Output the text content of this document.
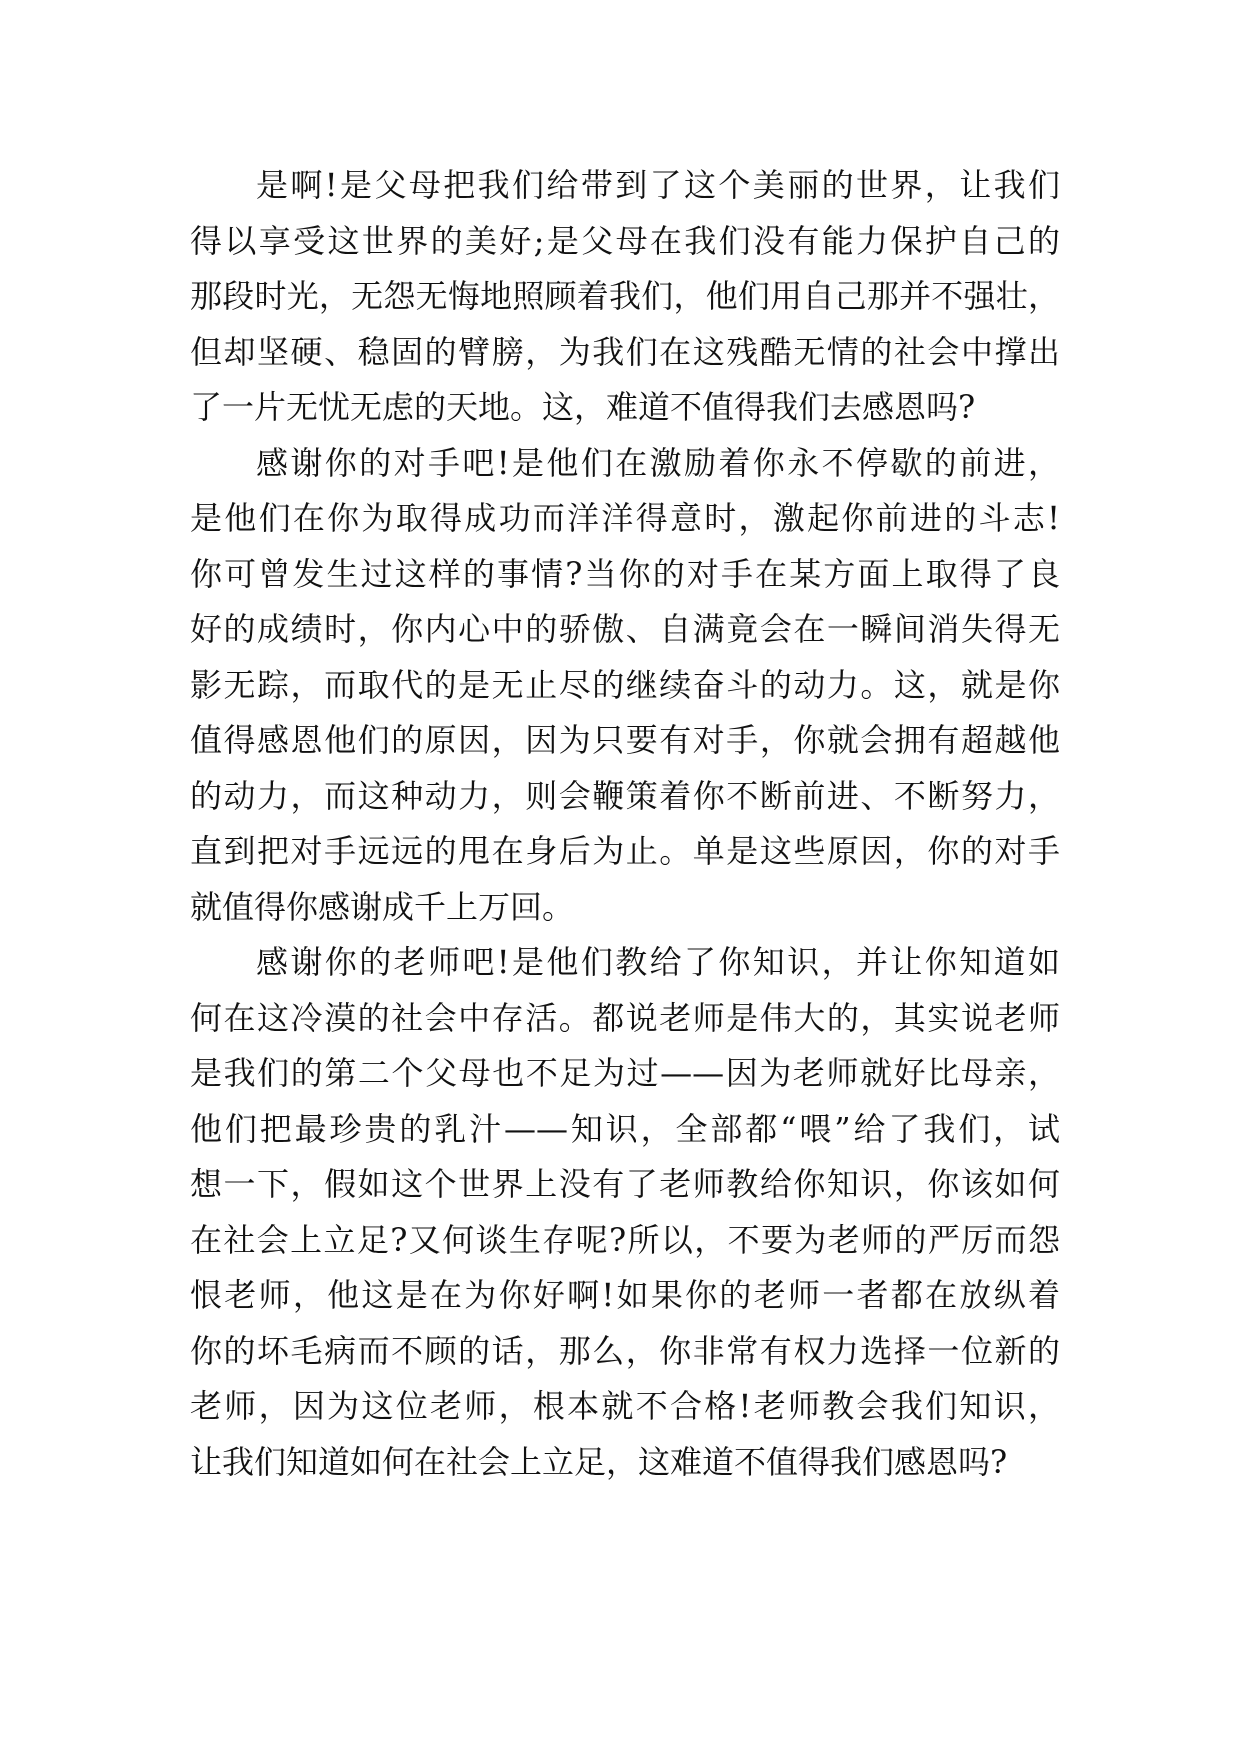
是啊!是父母把我们给带到了这个美丽的世界，让我们
得以享受这世界的美好;是父母在我们没有能力保护自己的
那段时光，无怨无悔地照顾着我们，他们用自己那并不强壮，
但却坚硬、稳固的臂膀，为我们在这残酷无情的社会中撑出
了一片无忧无虑的天地。这，难道不值得我们去感恩吗?
感谢你的对手吧!是他们在激励着你永不停歇的前进，
是他们在你为取得成功而洋洋得意时，激起你前进的斗志!
你可曾发生过这样的事情?当你的对手在某方面上取得了良
好的成绩时，你内心中的骄傲、自满竟会在一瞬间消失得无
影无踪，而取代的是无止尽的继续奋斗的动力。这，就是你
值得感恩他们的原因，因为只要有对手，你就会拥有超越他
的动力，而这种动力，则会鞭策着你不断前进、不断努力，
直到把对手远远的甩在身后为止。单是这些原因，你的对手
就值得你感谢成千上万回。
感谢你的老师吧!是他们教给了你知识，并让你知道如
何在这冷漠的社会中存活。都说老师是伟大的，其实说老师
是我们的第二个父母也不足为过——因为老师就好比母亲，
他们把最珍贵的乳汁——知识，全部都“喂”给了我们，试
想一下，假如这个世界上没有了老师教给你知识，你该如何
在社会上立足?又何谈生存呢?所以，不要为老师的严厉而怨
恨老师，他这是在为你好啊!如果你的老师一者都在放纵着
你的坏毛病而不顾的话，那么，你非常有权力选择一位新的
老师，因为这位老师，根本就不合格!老师教会我们知识，
让我们知道如何在社会上立足，这难道不值得我们感恩吗?
